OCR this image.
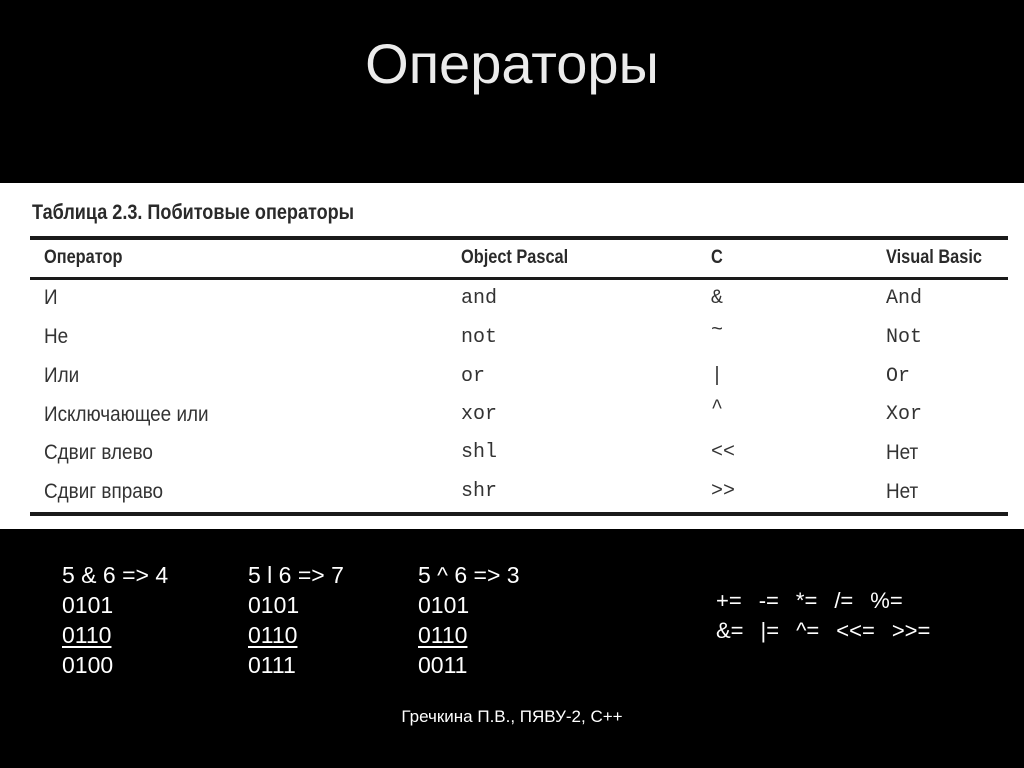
Операторы
Таблица 2.3. Побитовые операторы
Оператор	Object Pascal	C	Visual Basic
И	and	&	And
Не	not	~	Not
Или	or	|	Or
Исключающее или	xor	^	Xor
Сдвиг влево	shl	<<	Нет
Сдвиг вправо	shr	>>	Нет
5 & 6 => 4
0101
0110
0100
5 l 6 => 7
0101
0110
0111
5 ^ 6 => 3
0101
0110
0011
+= -= *= /= %=
&= |= ^= <<= >>=
Гречкина П.В., ПЯВУ-2, С++
